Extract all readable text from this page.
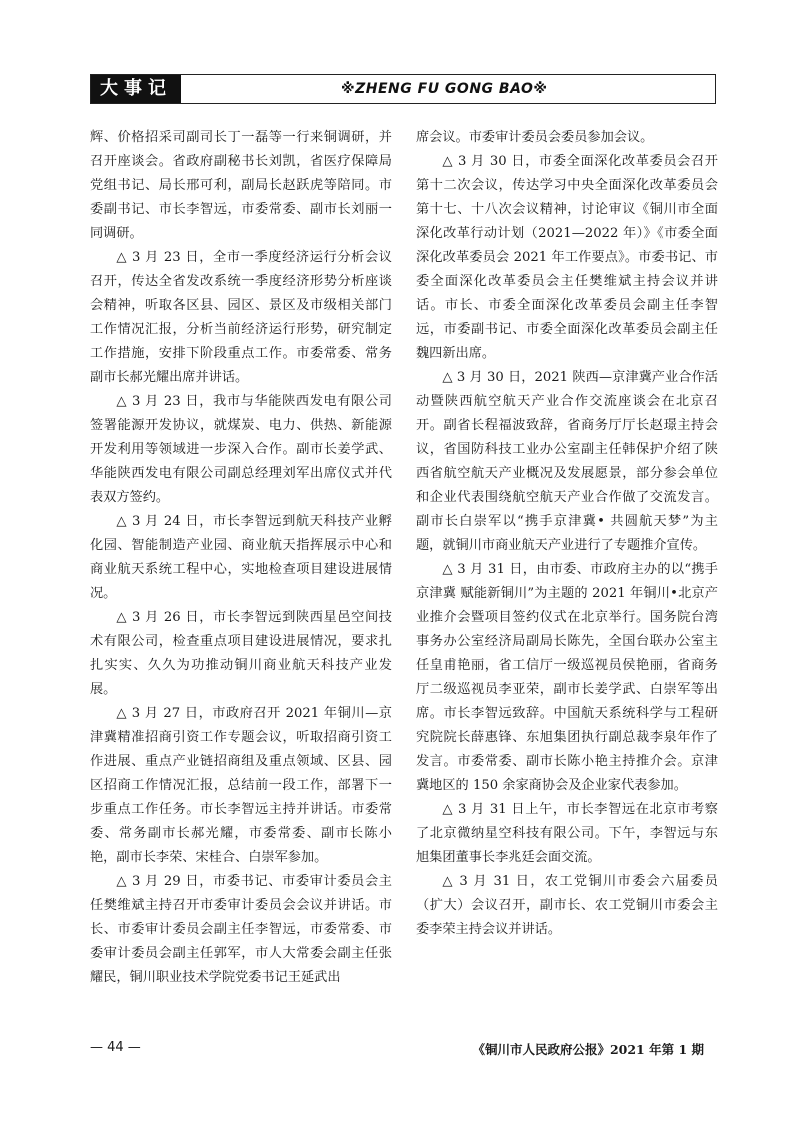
大事记	※ZHENG FU GONG BAO※

辉、价格招采司副司长丁一磊等一行来铜调研，并召开座谈会。省政府副秘书长刘凯，省医疗保障局党组书记、局长邢可利，副局长赵跃虎等陪同。市委副书记、市长李智远，市委常委、副市长刘丽一同调研。

△ 3 月 23 日，全市一季度经济运行分析会议召开，传达全省发改系统一季度经济形势分析座谈会精神，听取各区县、园区、景区及市级相关部门工作情况汇报，分析当前经济运行形势，研究制定工作措施，安排下阶段重点工作。市委常委、常务副市长郝光耀出席并讲话。

△ 3 月 23 日，我市与华能陕西发电有限公司签署能源开发协议，就煤炭、电力、供热、新能源开发利用等领域进一步深入合作。副市长姜学武、华能陕西发电有限公司副总经理刘军出席仪式并代表双方签约。

△ 3 月 24 日，市长李智远到航天科技产业孵化园、智能制造产业园、商业航天指挥展示中心和商业航天系统工程中心，实地检查项目建设进展情况。

△ 3 月 26 日，市长李智远到陕西星邑空间技术有限公司，检查重点项目建设进展情况，要求扎扎实实、久久为功推动铜川商业航天科技产业发展。

△ 3 月 27 日，市政府召开 2021 年铜川—京津冀精准招商引资工作专题会议，听取招商引资工作进展、重点产业链招商组及重点领域、区县、园区招商工作情况汇报，总结前一段工作，部署下一步重点工作任务。市长李智远主持并讲话。市委常委、常务副市长郝光耀，市委常委、副市长陈小艳，副市长李荣、宋桂合、白崇军参加。

△ 3 月 29 日，市委书记、市委审计委员会主任樊维斌主持召开市委审计委员会会议并讲话。市长、市委审计委员会副主任李智远，市委常委、市委审计委员会副主任郭军，市人大常委会副主任张耀民，铜川职业技术学院党委书记王延武出

席会议。市委审计委员会委员参加会议。

△ 3 月 30 日，市委全面深化改革委员会召开第十二次会议，传达学习中央全面深化改革委员会第十七、十八次会议精神，讨论审议《铜川市全面深化改革行动计划（2021—2022 年）》《市委全面深化改革委员会 2021 年工作要点》。市委书记、市委全面深化改革委员会主任樊维斌主持会议并讲话。市长、市委全面深化改革委员会副主任李智远，市委副书记、市委全面深化改革委员会副主任魏四新出席。

△ 3 月 30 日，2021 陕西—京津冀产业合作活动暨陕西航空航天产业合作交流座谈会在北京召开。副省长程福波致辞，省商务厅厅长赵璟主持会议，省国防科技工业办公室副主任韩保护介绍了陕西省航空航天产业概况及发展愿景，部分参会单位和企业代表围绕航空航天产业合作做了交流发言。副市长白崇军以“携手京津冀• 共圆航天梦”为主题，就铜川市商业航天产业进行了专题推介宣传。

△ 3 月 31 日，由市委、市政府主办的以“携手京津冀 赋能新铜川”为主题的 2021 年铜川•北京产业推介会暨项目签约仪式在北京举行。国务院台湾事务办公室经济局副局长陈先，全国台联办公室主任皇甫艳丽，省工信厅一级巡视员侯艳丽，省商务厅二级巡视员李亚荣，副市长姜学武、白崇军等出席。市长李智远致辞。中国航天系统科学与工程研究院院长薛惠锋、东旭集团执行副总裁李泉年作了发言。市委常委、副市长陈小艳主持推介会。京津冀地区的 150 余家商协会及企业家代表参加。

△ 3 月 31 日上午，市长李智远在北京市考察了北京微纳星空科技有限公司。下午，李智远与东旭集团董事长李兆廷会面交流。

△ 3 月 31 日，农工党铜川市委会六届委员（扩大）会议召开，副市长、农工党铜川市委会主委李荣主持会议并讲话。

— 44 —	《铜川市人民政府公报》2021 年第 1 期
